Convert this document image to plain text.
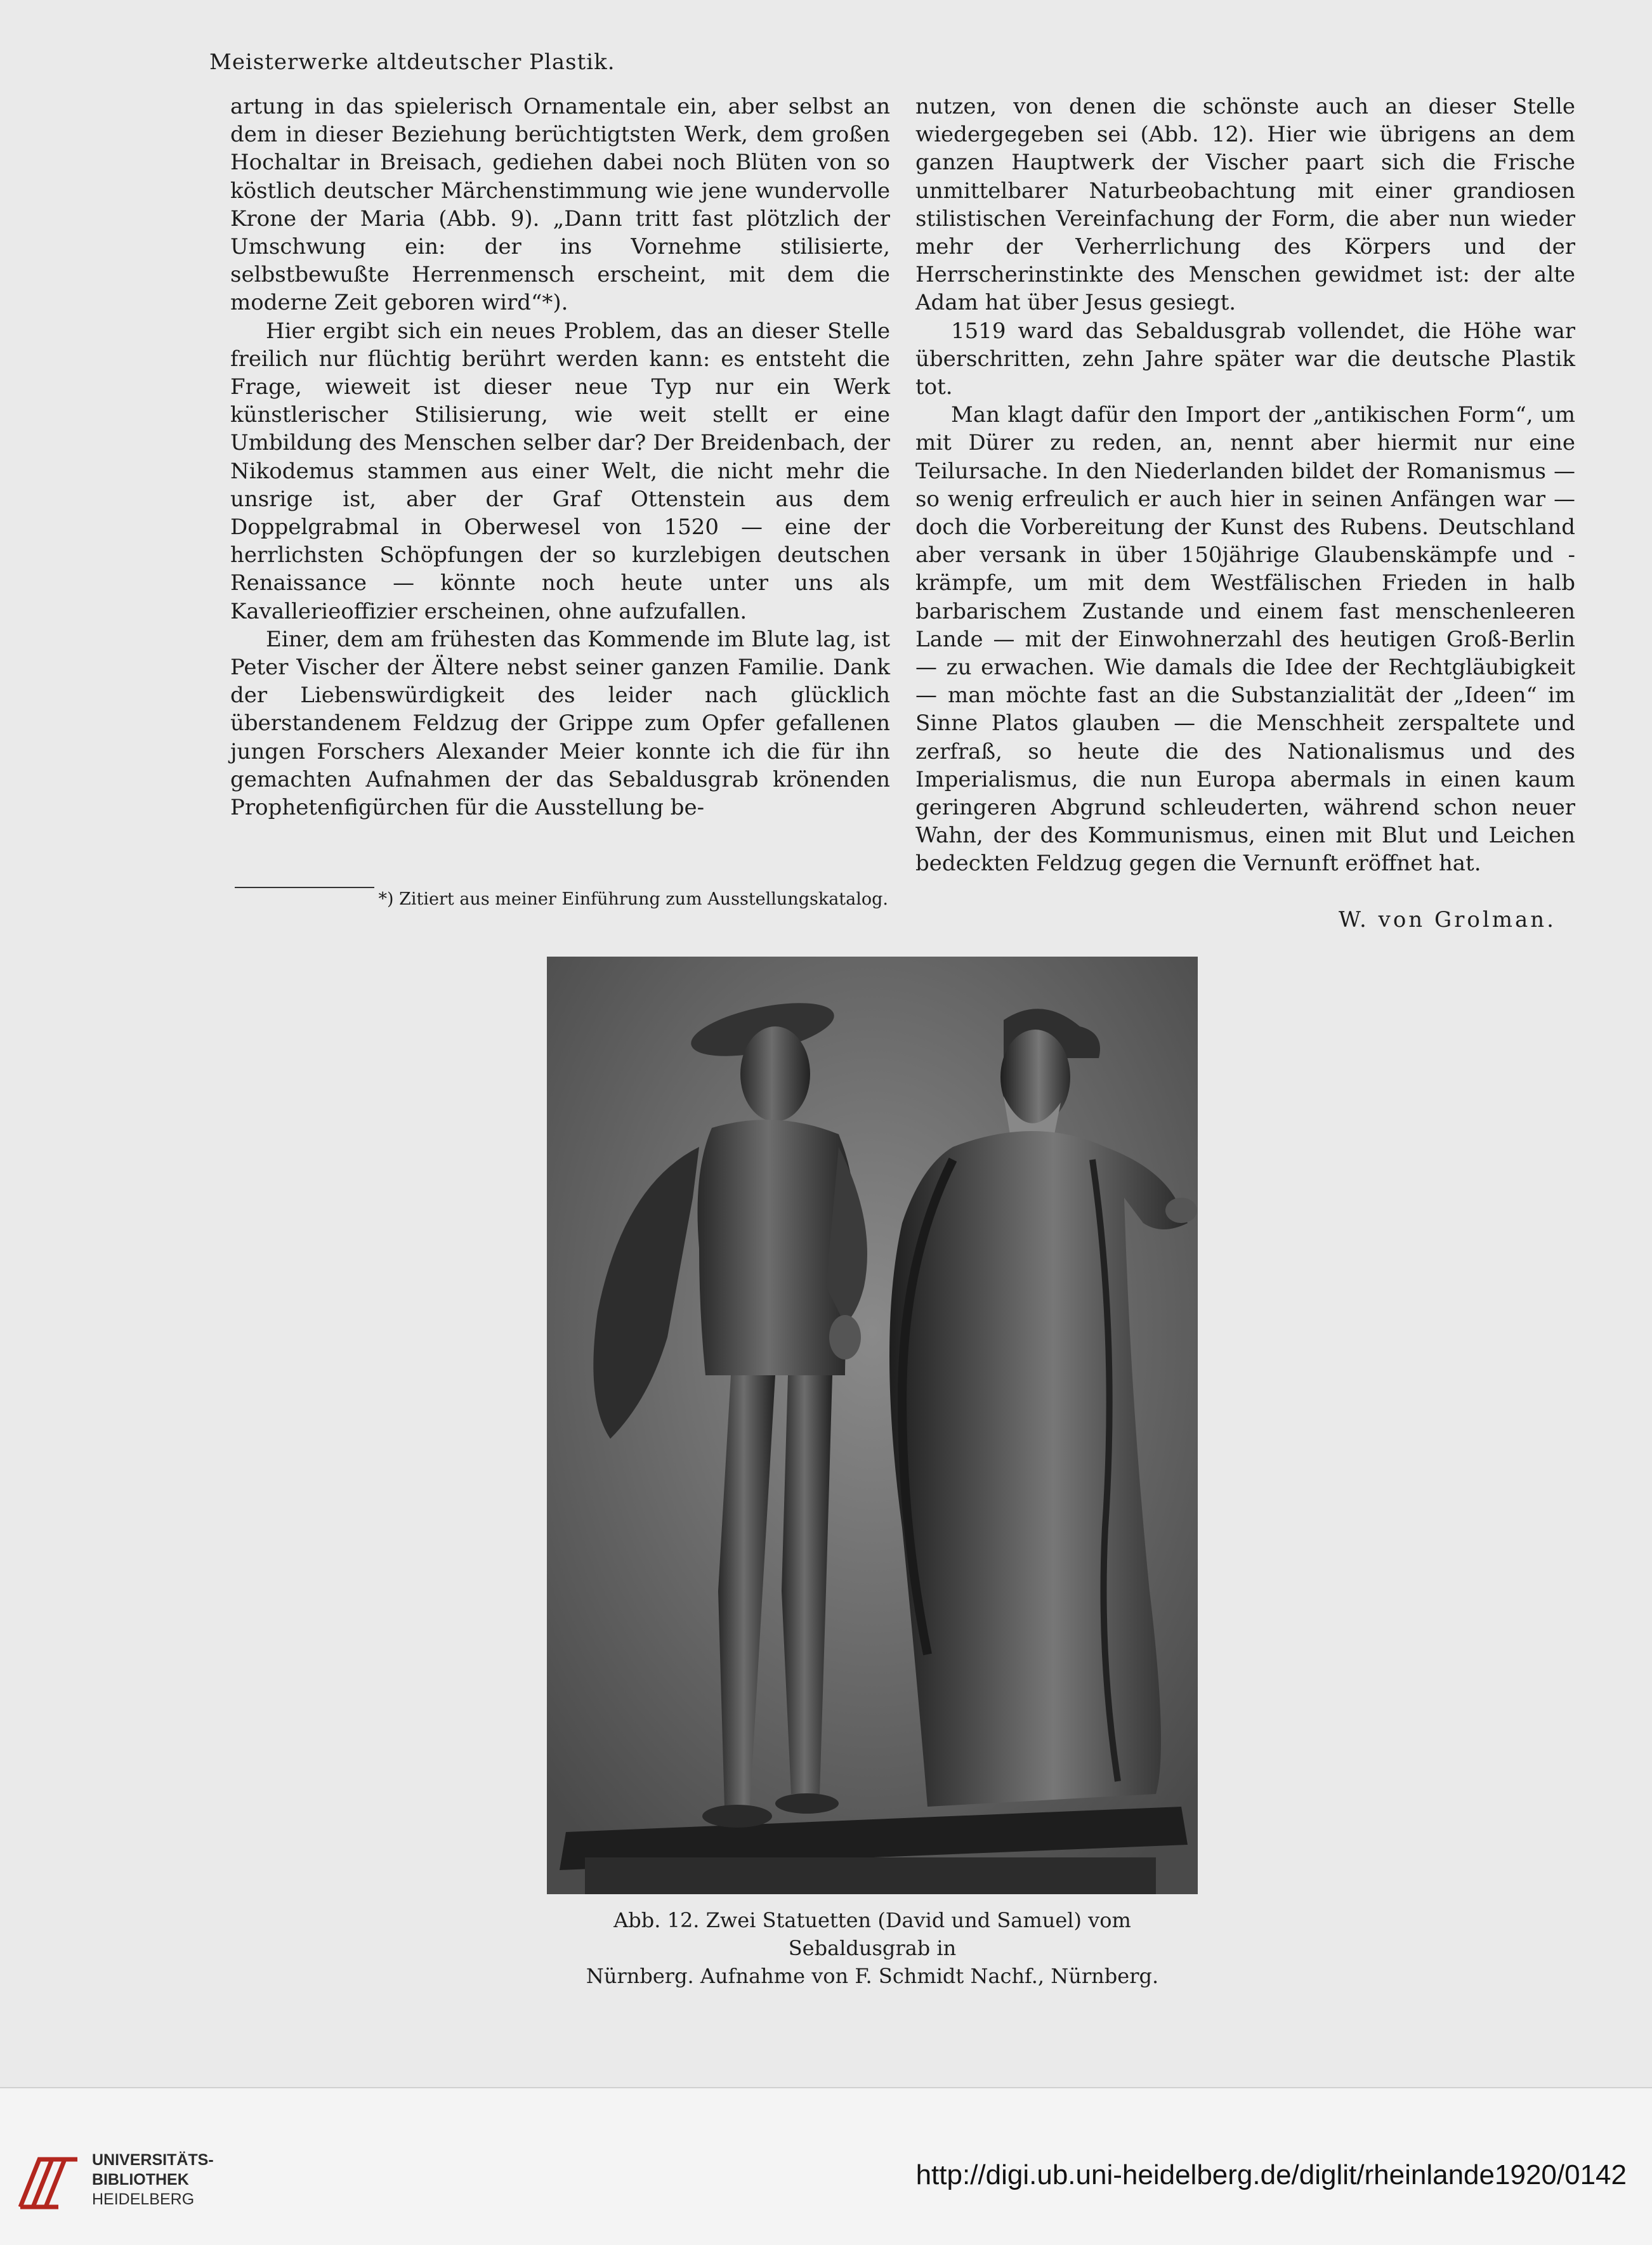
Meisterwerke altdeutscher Plastik.

artung in das spielerisch Ornamentale ein, aber selbst an dem in dieser Beziehung berüchtigtsten Werk, dem großen Hochaltar in Breisach, gediehen dabei noch Blüten von so köstlich deutscher Märchenstimmung wie jene wundervolle Krone der Maria (Abb. 9). „Dann tritt fast plötzlich der Umschwung ein: der ins Vornehme stilisierte, selbstbewußte Herrenmensch erscheint, mit dem die moderne Zeit geboren wird“*).

Hier ergibt sich ein neues Problem, das an dieser Stelle freilich nur flüchtig berührt werden kann: es entsteht die Frage, wieweit ist dieser neue Typ nur ein Werk künstlerischer Stilisierung, wie weit stellt er eine Umbildung des Menschen selber dar? Der Breidenbach, der Nikodemus stammen aus einer Welt, die nicht mehr die unsrige ist, aber der Graf Ottenstein aus dem Doppelgrabmal in Oberwesel von 1520 — eine der herrlichsten Schöpfungen der so kurzlebigen deutschen Renaissance — könnte noch heute unter uns als Kavallerieoffizier erscheinen, ohne aufzufallen.

Einer, dem am frühesten das Kommende im Blute lag, ist Peter Vischer der Ältere nebst seiner ganzen Familie. Dank der Liebenswürdigkeit des leider nach glücklich überstandenem Feldzug der Grippe zum Opfer gefallenen jungen Forschers Alexander Meier konnte ich die für ihn gemachten Aufnahmen der das Sebaldusgrab krönenden Prophetenfigürchen für die Ausstellung be-

*) Zitiert aus meiner Einführung zum Ausstellungskatalog.

nutzen, von denen die schönste auch an dieser Stelle wiedergegeben sei (Abb. 12). Hier wie übrigens an dem ganzen Hauptwerk der Vischer paart sich die Frische unmittelbarer Naturbeobachtung mit einer grandiosen stilistischen Vereinfachung der Form, die aber nun wieder mehr der Verherrlichung des Körpers und der Herrscherinstinkte des Menschen gewidmet ist: der alte Adam hat über Jesus gesiegt.

1519 ward das Sebaldusgrab vollendet, die Höhe war überschritten, zehn Jahre später war die deutsche Plastik tot.

Man klagt dafür den Import der „antikischen Form“, um mit Dürer zu reden, an, nennt aber hiermit nur eine Teilursache. In den Niederlanden bildet der Romanismus — so wenig erfreulich er auch hier in seinen Anfängen war — doch die Vorbereitung der Kunst des Rubens. Deutschland aber versank in über 150jährige Glaubenskämpfe und -krämpfe, um mit dem Westfälischen Frieden in halb barbarischem Zustande und einem fast menschenleeren Lande — mit der Einwohnerzahl des heutigen Groß-Berlin — zu erwachen. Wie damals die Idee der Rechtgläubigkeit — man möchte fast an die Substanzialität der „Ideen“ im Sinne Platos glauben — die Menschheit zerspaltete und zerfraß, so heute die des Nationalismus und des Imperialismus, die nun Europa abermals in einen kaum geringeren Abgrund schleuderten, während schon neuer Wahn, der des Kommunismus, einen mit Blut und Leichen bedeckten Feldzug gegen die Vernunft eröffnet hat.

W. von Grolman.
Abb. 12. Zwei Statuetten (David und Samuel) vom Sebaldusgrab in
Nürnberg. Aufnahme von F. Schmidt Nachf., Nürnberg.
UNIVERSITÄTS-
BIBLIOTHEK
HEIDELBERG
http://digi.ub.uni-heidelberg.de/diglit/rheinlande1920/0142
